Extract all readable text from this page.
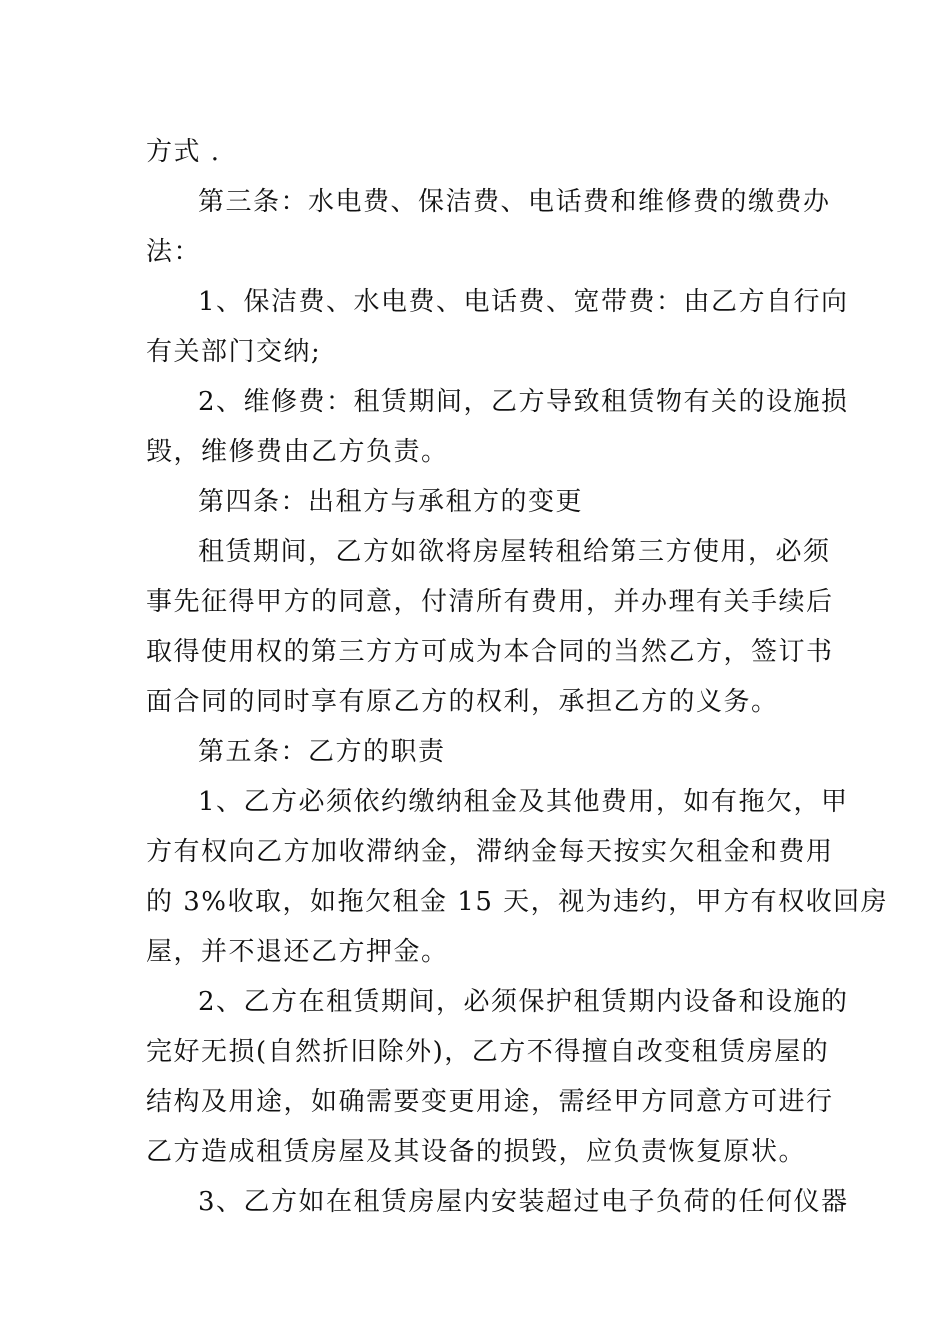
方式 .
第三条：水电费、保洁费、电话费和维修费的缴费办
法：
1、保洁费、水电费、电话费、宽带费：由乙方自行向
有关部门交纳;
2、维修费：租赁期间，乙方导致租赁物有关的设施损
毁，维修费由乙方负责。
第四条：出租方与承租方的变更
租赁期间，乙方如欲将房屋转租给第三方使用，必须
事先征得甲方的同意，付清所有费用，并办理有关手续后
取得使用权的第三方方可成为本合同的当然乙方，签订书
面合同的同时享有原乙方的权利，承担乙方的义务。
第五条：乙方的职责
1、乙方必须依约缴纳租金及其他费用，如有拖欠，甲
方有权向乙方加收滞纳金，滞纳金每天按实欠租金和费用
的 3%收取，如拖欠租金 15 天，视为违约，甲方有权收回房
屋，并不退还乙方押金。
2、乙方在租赁期间，必须保护租赁期内设备和设施的
完好无损(自然折旧除外)，乙方不得擅自改变租赁房屋的
结构及用途，如确需要变更用途，需经甲方同意方可进行
乙方造成租赁房屋及其设备的损毁，应负责恢复原状。
3、乙方如在租赁房屋内安装超过电子负荷的任何仪器
